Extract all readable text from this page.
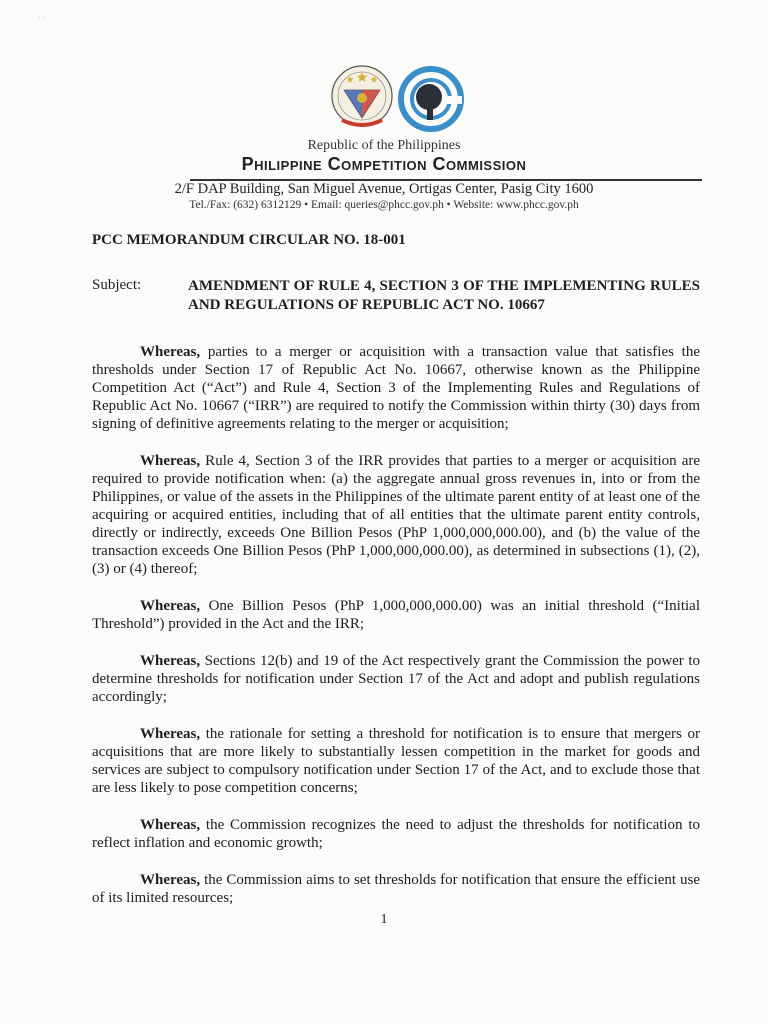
· ·
Republic of the Philippines
Philippine Competition Commission
2/F DAP Building, San Miguel Avenue, Ortigas Center, Pasig City 1600
Tel./Fax: (632) 6312129 • Email: queries@phcc.gov.ph • Website: www.phcc.gov.ph
PCC MEMORANDUM CIRCULAR NO. 18-001
Subject:	AMENDMENT OF RULE 4, SECTION 3 OF THE IMPLEMENTING RULES AND REGULATIONS OF REPUBLIC ACT NO. 10667

Whereas, parties to a merger or acquisition with a transaction value that satisfies the thresholds under Section 17 of Republic Act No. 10667, otherwise known as the Philippine Competition Act (“Act”) and Rule 4, Section 3 of the Implementing Rules and Regulations of Republic Act No. 10667 (“IRR”) are required to notify the Commission within thirty (30) days from signing of definitive agreements relating to the merger or acquisition;

Whereas, Rule 4, Section 3 of the IRR provides that parties to a merger or acquisition are required to provide notification when: (a) the aggregate annual gross revenues in, into or from the Philippines, or value of the assets in the Philippines of the ultimate parent entity of at least one of the acquiring or acquired entities, including that of all entities that the ultimate parent entity controls, directly or indirectly, exceeds One Billion Pesos (PhP 1,000,000,000.00), and (b) the value of the transaction exceeds One Billion Pesos (PhP 1,000,000,000.00), as determined in subsections (1), (2), (3) or (4) thereof;

Whereas, One Billion Pesos (PhP 1,000,000,000.00) was an initial threshold (“Initial Threshold”) provided in the Act and the IRR;

Whereas, Sections 12(b) and 19 of the Act respectively grant the Commission the power to determine thresholds for notification under Section 17 of the Act and adopt and publish regulations accordingly;

Whereas, the rationale for setting a threshold for notification is to ensure that mergers or acquisitions that are more likely to substantially lessen competition in the market for goods and services are subject to compulsory notification under Section 17 of the Act, and to exclude those that are less likely to pose competition concerns;

Whereas, the Commission recognizes the need to adjust the thresholds for notification to reflect inflation and economic growth;

Whereas, the Commission aims to set thresholds for notification that ensure the efficient use of its limited resources;

1
